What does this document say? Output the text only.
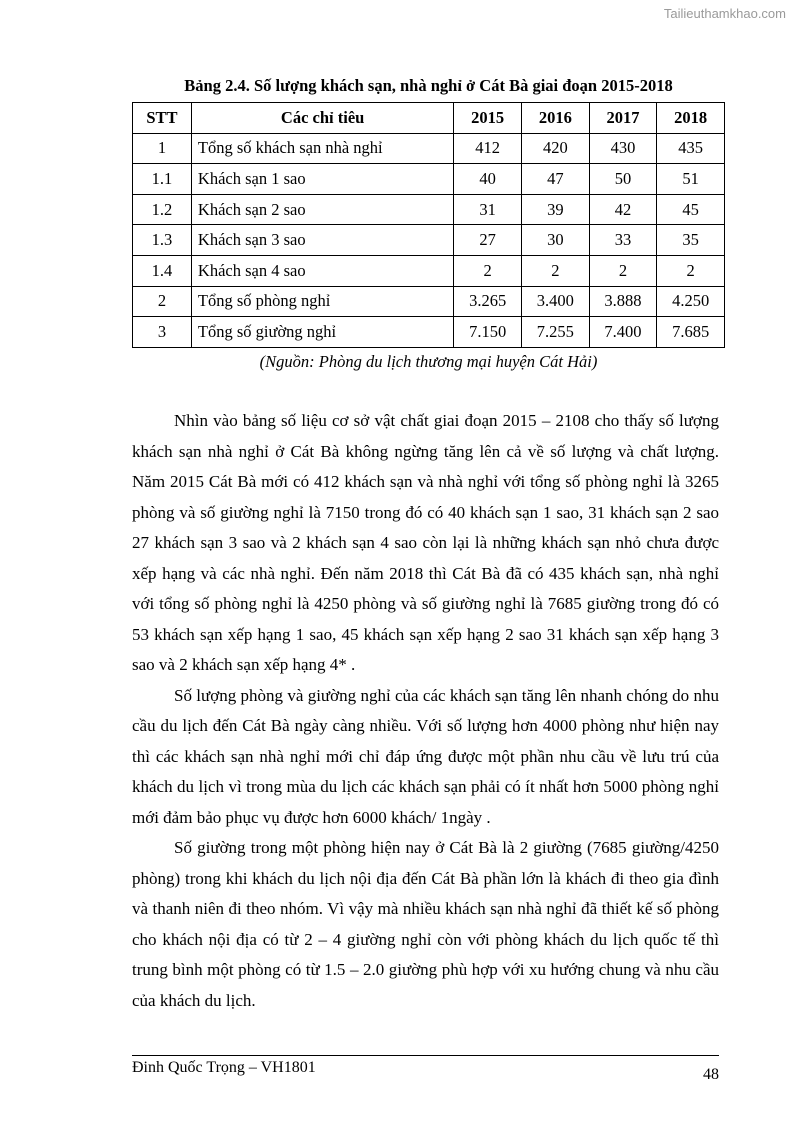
Tailieuthamkhao.com
Bảng 2.4. Số lượng khách sạn, nhà nghỉ ở Cát Bà giai đoạn 2015-2018
STT	Các chỉ tiêu	2015	2016	2017	2018
1	Tổng số khách sạn nhà nghỉ	412	420	430	435
1.1	Khách sạn 1 sao	40	47	50	51
1.2	Khách sạn 2 sao	31	39	42	45
1.3	Khách sạn 3 sao	27	30	33	35
1.4	Khách sạn 4 sao	2	2	2	2
2	Tổng số phòng nghỉ	3.265	3.400	3.888	4.250
3	Tổng số giường nghỉ	7.150	7.255	7.400	7.685
(Nguồn: Phòng du lịch thương mại huyện Cát Hải)

Nhìn vào bảng số liệu cơ sở vật chất giai đoạn 2015 – 2108 cho thấy số lượng khách sạn nhà nghỉ ở Cát Bà không ngừng tăng lên cả về số lượng và chất lượng. Năm 2015 Cát Bà mới có 412 khách sạn và nhà nghỉ với tổng số phòng nghỉ là 3265 phòng và số giường nghỉ là 7150 trong đó có 40 khách sạn 1 sao, 31 khách sạn 2 sao 27 khách sạn 3 sao và 2 khách sạn 4 sao còn lại là những khách sạn nhỏ chưa được xếp hạng và các nhà nghỉ. Đến năm 2018 thì Cát Bà đã có 435 khách sạn, nhà nghỉ với tổng số phòng nghỉ là 4250 phòng và số giường nghỉ là 7685 giường trong đó có 53 khách sạn xếp hạng 1 sao, 45 khách sạn xếp hạng 2 sao 31 khách sạn xếp hạng 3 sao và 2 khách sạn xếp hạng 4* .

Số lượng phòng và giường nghỉ của các khách sạn tăng lên nhanh chóng do nhu cầu du lịch đến Cát Bà ngày càng nhiều. Với số lượng hơn 4000 phòng như hiện nay thì các khách sạn nhà nghỉ mới chỉ đáp ứng được một phần nhu cầu về lưu trú của khách du lịch vì trong mùa du lịch các khách sạn phải có ít nhất hơn 5000 phòng nghỉ mới đảm bảo phục vụ được hơn 6000 khách/ 1ngày .

Số giường trong một phòng hiện nay ở Cát Bà là 2 giường (7685 giường/4250 phòng) trong khi khách du lịch nội địa đến Cát Bà phần lớn là khách đi theo gia đình và thanh niên đi theo nhóm. Vì vậy mà nhiều khách sạn nhà nghỉ đã thiết kế số phòng cho khách nội địa có từ 2 – 4 giường nghỉ còn với phòng khách du lịch quốc tế thì trung bình một phòng có từ 1.5 – 2.0 giường phù hợp với xu hướng chung và nhu cầu của khách du lịch.

Đinh Quốc Trọng – VH1801	48
